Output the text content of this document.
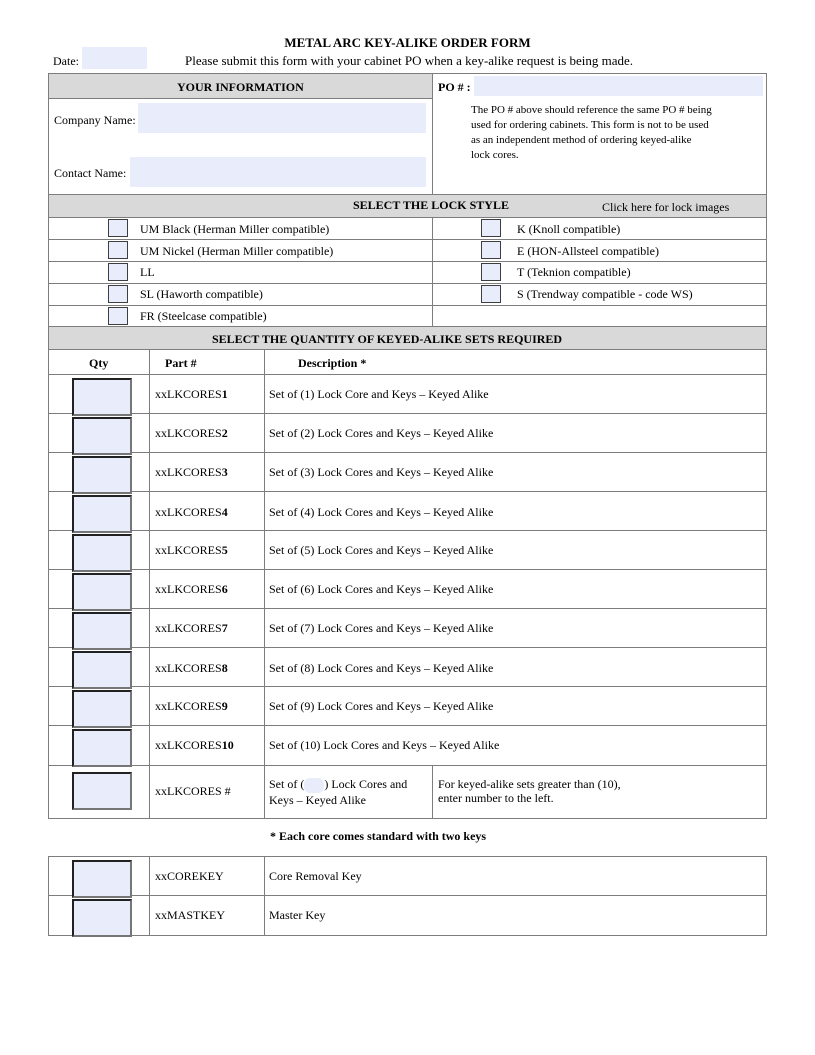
METAL ARC KEY-ALIKE ORDER FORM
Date:	Please submit this form with your cabinet PO when a key-alike request is being made.
YOUR INFORMATION	PO # :
Company Name:
Contact Name:
The PO # above should reference the same PO # being
used for ordering cabinets. This form is not to be used
as an independent method of ordering keyed-alike
lock cores.
SELECT THE LOCK STYLE	Click here for lock images
UM Black (Herman Miller compatible)
UM Nickel (Herman Miller compatible)
LL
SL (Haworth compatible)
FR (Steelcase compatible)
K (Knoll compatible)
E (HON-Allsteel compatible)
T (Teknion compatible)
S (Trendway compatible - code WS)
SELECT THE QUANTITY OF KEYED-ALIKE SETS REQUIRED
Qty	Part #	Description *
xxLKCORES1	Set of (1) Lock Core and Keys – Keyed Alike
xxLKCORES2	Set of (2) Lock Cores and Keys – Keyed Alike
xxLKCORES3	Set of (3) Lock Cores and Keys – Keyed Alike
xxLKCORES4	Set of (4) Lock Cores and Keys – Keyed Alike
xxLKCORES5	Set of (5) Lock Cores and Keys – Keyed Alike
xxLKCORES6	Set of (6) Lock Cores and Keys – Keyed Alike
xxLKCORES7	Set of (7) Lock Cores and Keys – Keyed Alike
xxLKCORES8	Set of (8) Lock Cores and Keys – Keyed Alike
xxLKCORES9	Set of (9) Lock Cores and Keys – Keyed Alike
xxLKCORES10	Set of (10) Lock Cores and Keys – Keyed Alike
xxLKCORES #	Set of ( ) Lock Cores and
Keys – Keyed Alike
For keyed-alike sets greater than (10),
enter number to the left.
* Each core comes standard with two keys
xxCOREKEY	Core Removal Key
xxMASTKEY	Master Key
